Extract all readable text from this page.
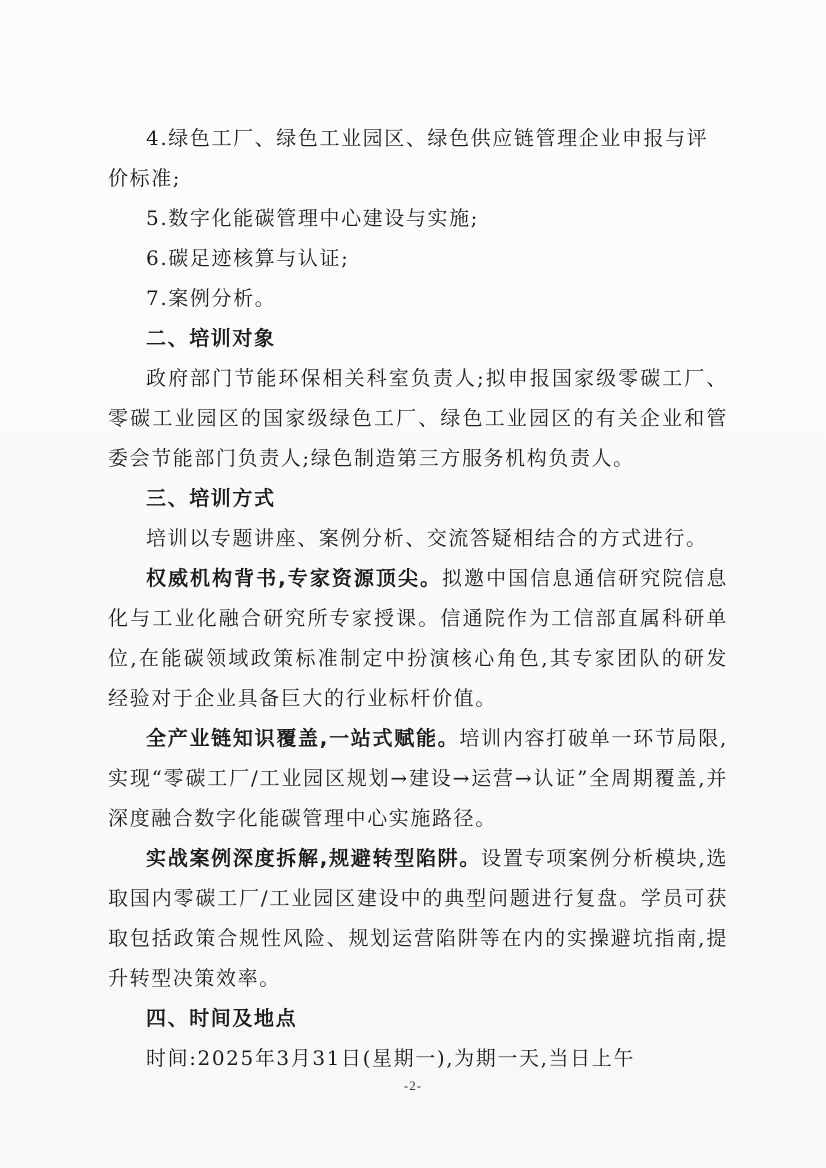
4.绿色工厂、绿色工业园区、绿色供应链管理企业申报与评

价标准;

5.数字化能碳管理中心建设与实施;

6.碳足迹核算与认证;

7.案例分析。

二、培训对象

政府部门节能环保相关科室负责人;拟申报国家级零碳工厂、零碳工业园区的国家级绿色工厂、绿色工业园区的有关企业和管委会节能部门负责人;绿色制造第三方服务机构负责人。

三、培训方式

培训以专题讲座、案例分析、交流答疑相结合的方式进行。

权威机构背书,专家资源顶尖。拟邀中国信息通信研究院信息化与工业化融合研究所专家授课。信通院作为工信部直属科研单位,在能碳领域政策标准制定中扮演核心角色,其专家团队的研发经验对于企业具备巨大的行业标杆价值。

全产业链知识覆盖,一站式赋能。培训内容打破单一环节局限,实现“零碳工厂/工业园区规划→建设→运营→认证”全周期覆盖,并深度融合数字化能碳管理中心实施路径。

实战案例深度拆解,规避转型陷阱。设置专项案例分析模块,选取国内零碳工厂/工业园区建设中的典型问题进行复盘。学员可获取包括政策合规性风险、规划运营陷阱等在内的实操避坑指南,提升转型决策效率。

四、时间及地点

时间:2025年3月31日(星期一),为期一天,当日上午

-2-
